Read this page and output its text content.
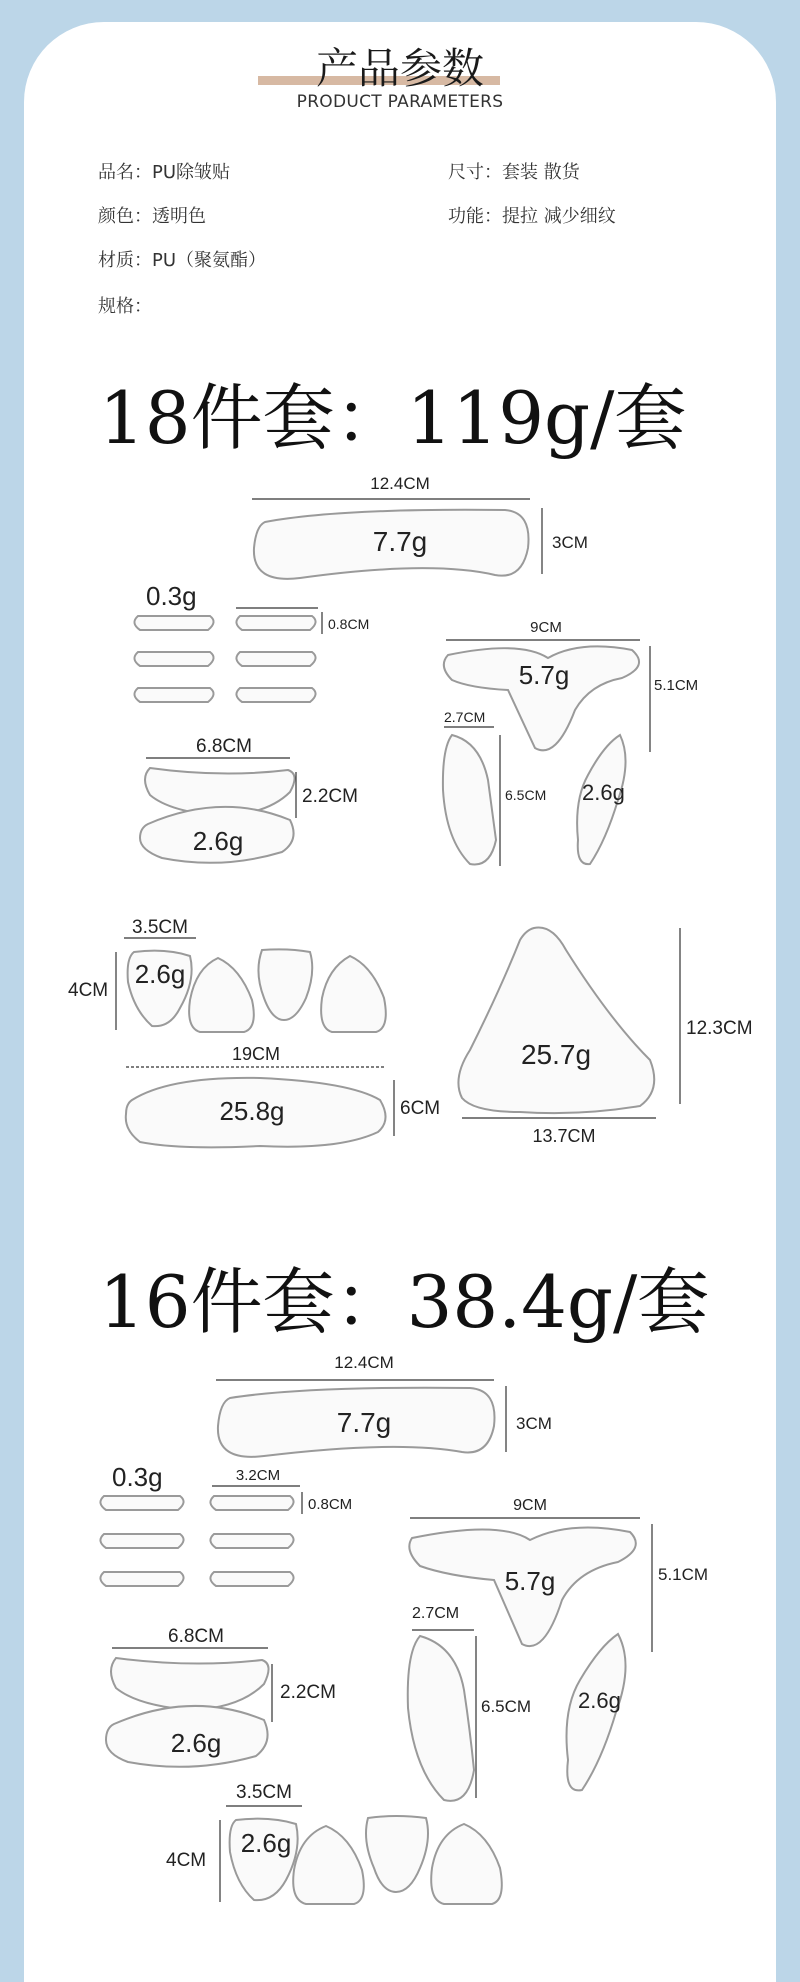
产品参数
PRODUCT PARAMETERS
品名：PU除皱贴	尺寸：套装 散货
颜色：透明色	功能：提拉 减少细纹
材质：PU（聚氨酯）
规格：
18件套：119g/套
16件套：38.4g/套
12.4CM
7.7g	3CM
0.3g
0.8CM	9CM
5.7g	5.1CM
2.7CM
6.5CM 2.6g
6.8CM
2.6g
2.2CM
3.5CM
2.6g
4CM
19CM
25.8g	6CM
25.7g
12.3CM
13.7CM
12.4CM
7.7g	3CM
0.3g	3.2CM
0.8CM	9CM
5.7g	5.1CM
2.7CM
6.5CM 2.6g
6.8CM
2.6g
2.2CM
3.5CM
2.6g
4CM
